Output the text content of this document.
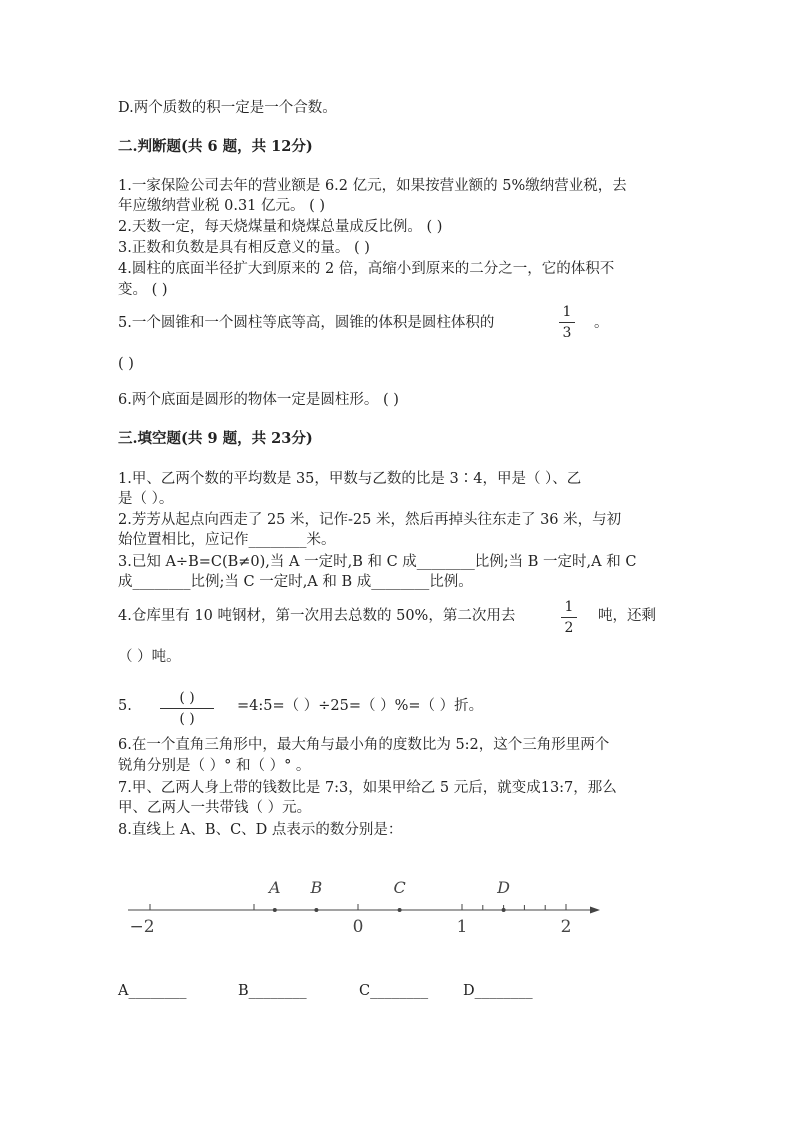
D.两个质数的积一定是一个合数。
二.判断题(共 6 题，共 12分)
1.一家保险公司去年的营业额是 6.2 亿元，如果按营业额的 5%缴纳营业税，去
年应缴纳营业税 0.31 亿元。 ( )
2.天数一定，每天烧煤量和烧煤总量成反比例。 ( )
3.正数和负数是具有相反意义的量。 ( )
4.圆柱的底面半径扩大到原来的 2 倍，高缩小到原来的二分之一，它的体积不
变。 ( )
5.一个圆锥和一个圆柱等底等高，圆锥的体积是圆柱体积的
1
3
。
( )
6.两个底面是圆形的物体一定是圆柱形。 ( )
三.填空题(共 9 题，共 23分)
1.甲、乙两个数的平均数是 35，甲数与乙数的比是 3∶4，甲是（ ）、乙
是（ ）。
2.芳芳从起点向西走了 25 米，记作-25 米，然后再掉头往东走了 36 米，与初
始位置相比，应记作________米。
3.已知 A÷B=C(B≠0),当 A 一定时,B 和 C 成________比例;当 B 一定时,A 和 C
成________比例;当 C 一定时,A 和 B 成________比例。
4.仓库里有 10 吨钢材，第一次用去总数的 50%，第二次用去
1
2
吨，还剩
（ ）吨。
5.	( )
( )
=4:5=（ ）÷25=（ ）%=（ ）折。
6.在一个直角三角形中，最大角与最小角的度数比为 5:2，这个三角形里两个
锐角分别是（ ）° 和（ ）° 。
7.甲、乙两人身上带的钱数比是 7:3，如果甲给乙 5 元后，就变成13:7，那么
甲、乙两人一共带钱（ ）元。
8.直线上 A、B、C、D 点表示的数分别是：
−2	0	1	2
A B	C	D
A________	B________	C________ D________
